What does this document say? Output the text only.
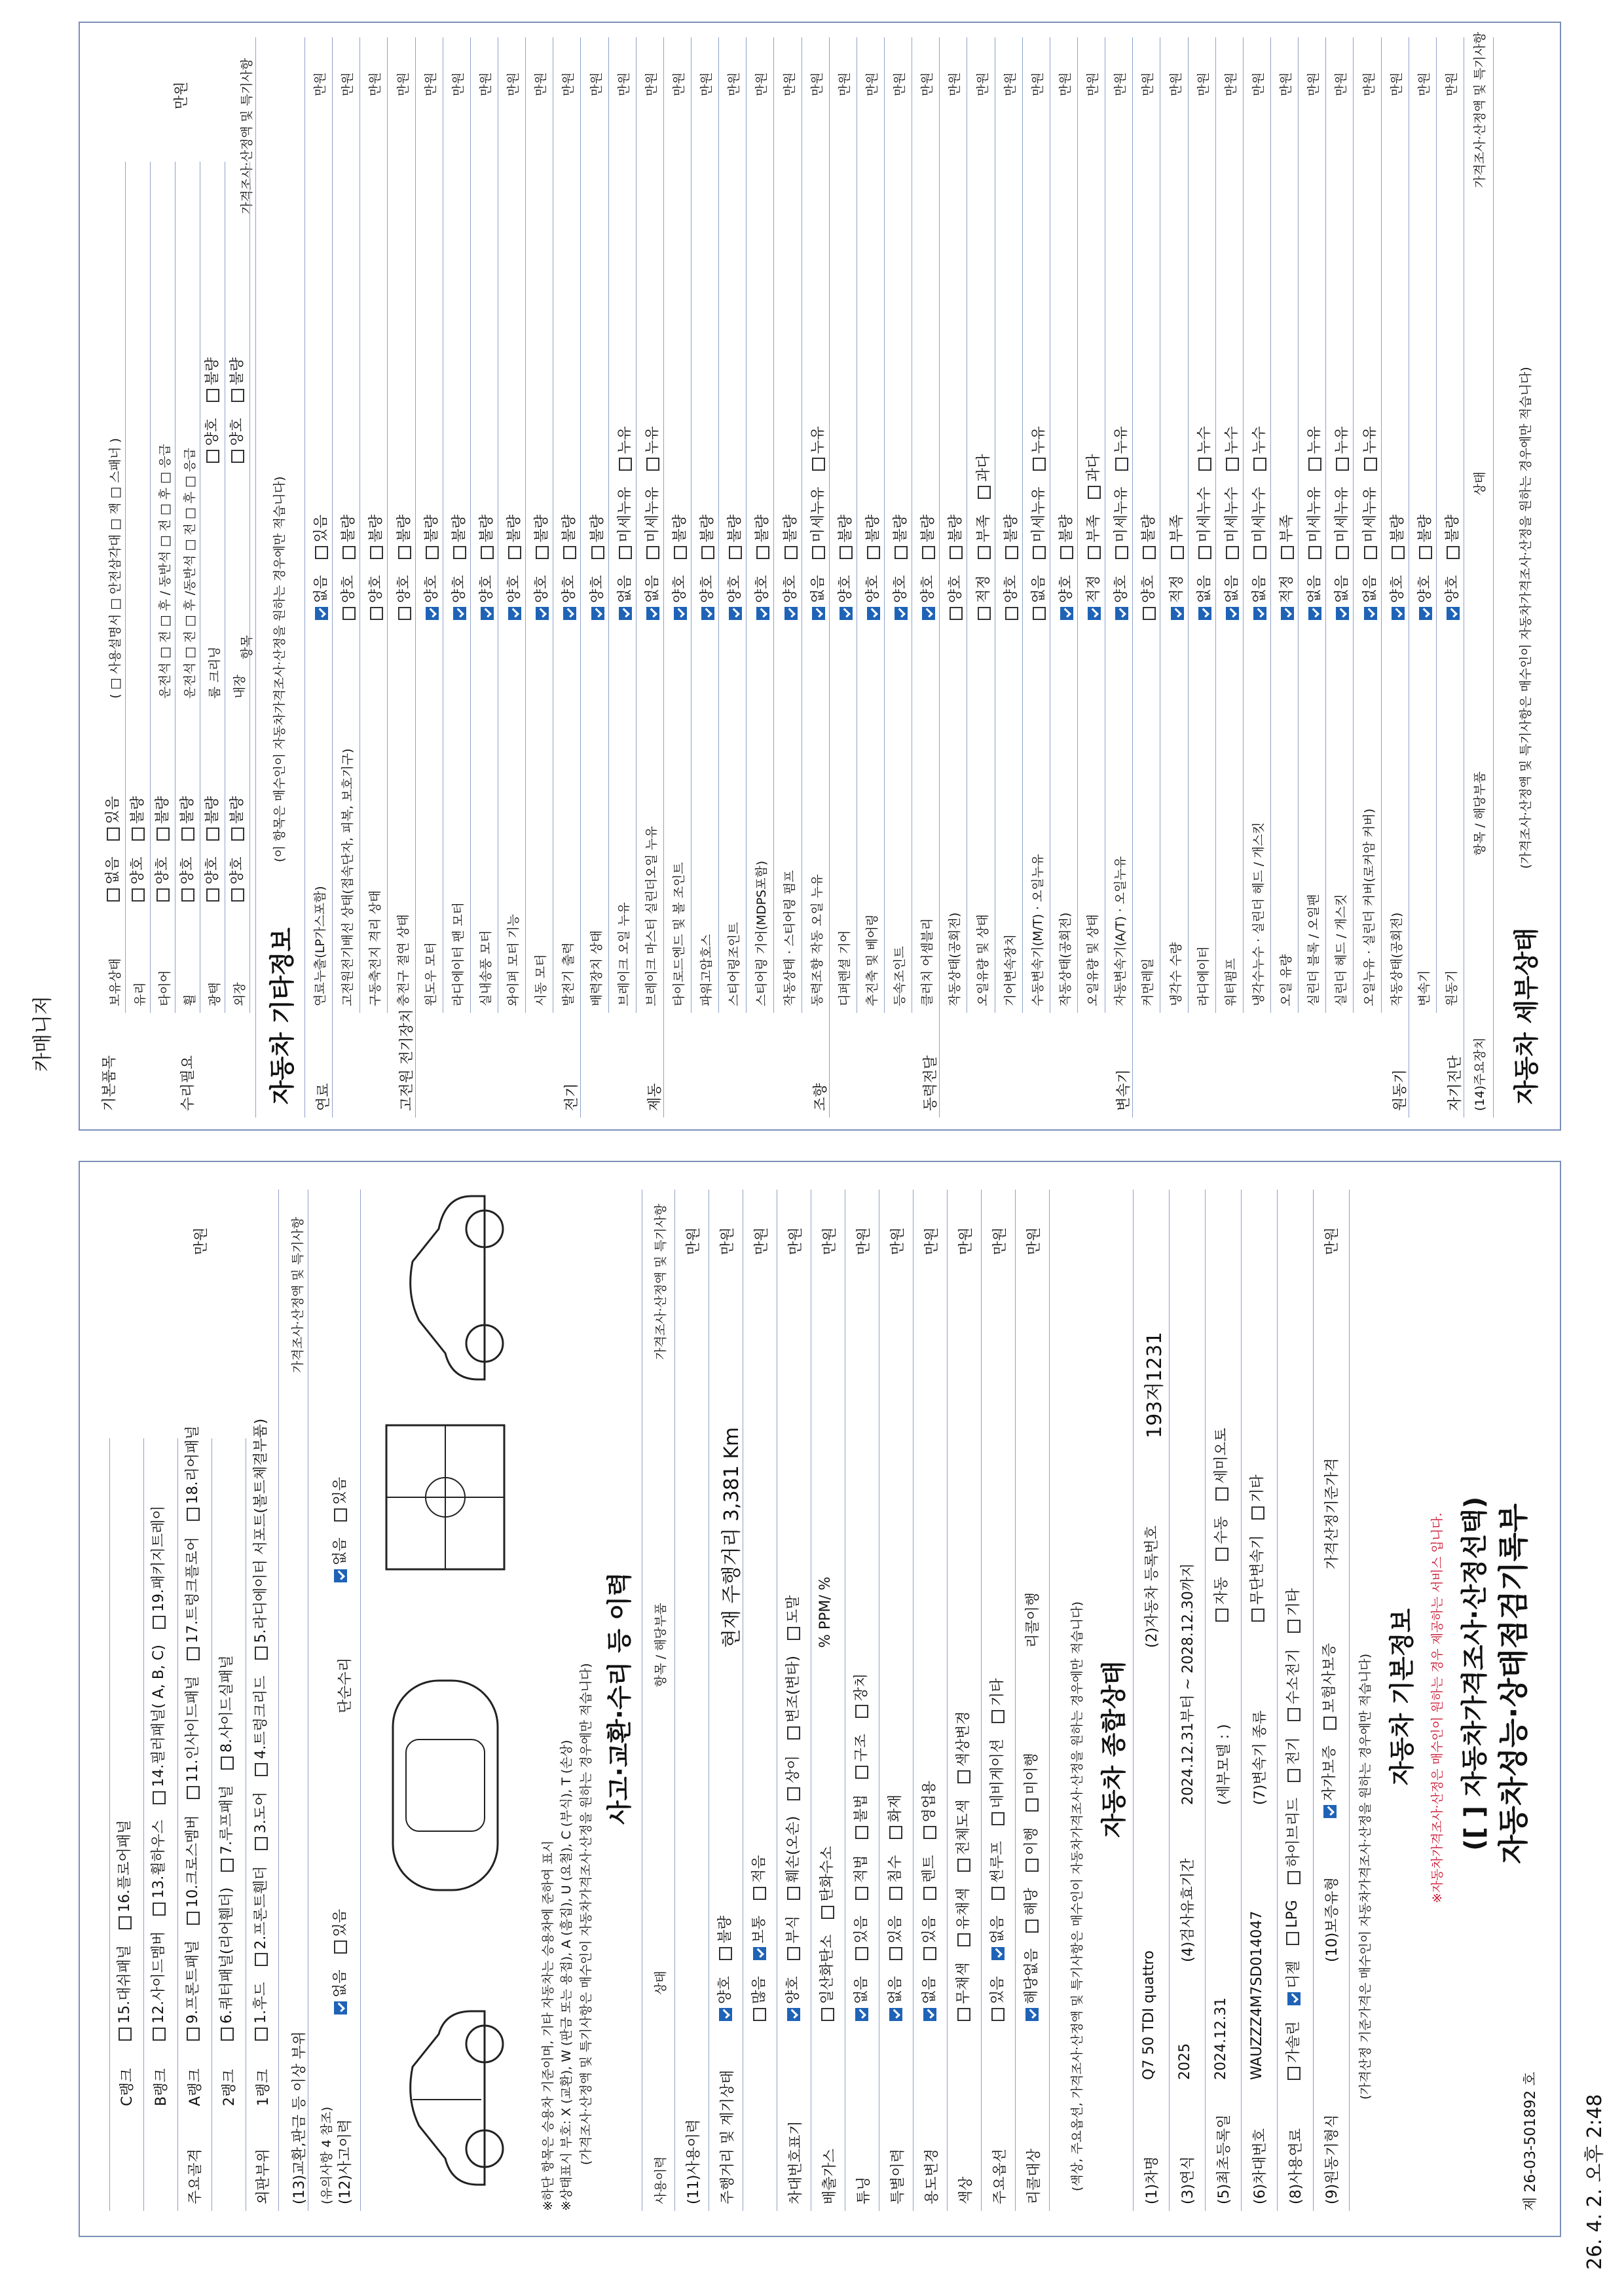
26. 4. 2. 오후 2:48
카매니저
제 26-03-501892 호
자동차성능·상태점검기록부
([ ] 자동차가격조사·산정선택)
※자동차가격조사·산정은 매수인이 원하는 경우 제공하는 서비스 입니다.
자동차 기본정보
(가격산정 기준가격은 매수인이 자동차가격조사·산정을 원하는 경우에만 적습니다)
(1)차명
Q7 50 TDI quattro
(2)자동차 등록번호
193저1231
(3)연식
2025
(4)검사유효기간
2024.12.31부터 ~ 2028.12.30까지
(5)최초등록일
2024.12.31
(세부모델 : )
자동
수동
세미오토
(6)차대번호
WAUZZZ4M7SD014047
(7)변속기 종류
무단변속기
기타
(8)사용연료
가솔린
디젤
LPG
하이브리드
전기
수소전기
기타
(9)원동기형식
(10)보증유형
자가보증
보험사보증
가격산정기준가격
만원
자동차 종합상태
(색상, 주요옵션, 가격조사·산정액 및 특기사항은 매수인이 자동차가격조사·산정을 원하는 경우에만 적습니다)
사용이력
상태
항목 / 해당부품
가격조사·산정액 및 특기사항
(11)사용이력
만원
주행거리 및 계기상태
양호
불량
현재 주행거리 3,381 Km
만원
많음
보통
적음
만원
차대번호표기
양호
부식
훼손(오손)
상이
변조(변타)
도말
만원
배출가스
일산화탄소
탄화수소
% PPM/ %
만원
튜닝
없음
있음
적법
불법
구조
장치
만원
특별이력
없음
있음
침수
화재
만원
용도변경
없음
있음
렌트
영업용
만원
색상
무채색
유채색
전체도색
색상변경
만원
주요옵션
있음
없음
썬루프
네비게이션
기타
만원
리콜대상
해당없음
해당
이행
미이행
리콜이행
만원
사고·교환·수리 등 이력
(가격조사·산정액 및 특기사항은 매수인이 자동차가격조사·산정을 원하는 경우에만 적습니다)
※상태표시 부호: X (교환), W (판금 또는 용접), A (흠집), U (요철), C (부식), T (손상)
※하단 항목은 승용차 기준이며, 기타 자동차는 승용차에 준하여 표시
(12)사고이력
(유의사항 4 참조)
없음
있음
단순수리
없음
있음
(13)교환,판금 등 이상 부위
가격조사·산정액 및 특기사항
외판부위
1랭크
1.후드
2.프론트휀더
3.도어
4.트렁크리드
5.라디에이터 서포트(볼트체결부품)
2랭크
6.쿼터패널(리어휀더)
7.루프패널
8.사이드실패널
주요골격
A랭크
9.프론트패널
10.크로스멤버
11.인사이드패널
17.트렁크플로어
18.리어패널
B랭크
12.사이드멤버
13.휠하우스
14.필러패널( A, B, C)
19.패키지트레이
C랭크
15.대쉬패널
16.플로어패널
만원
자동차 세부상태
(가격조사·산정액 및 특기사항은 매수인이 자동차가격조사·산정을 원하는 경우에만 적습니다)
(14)주요장치
항목 / 해당부품
상태
가격조사·산정액 및 특기사항
자기진단
원동기
양호
불량
만원
변속기
양호
불량
만원
원동기
작동상태(공회전)
양호
불량
만원
오일누유 · 실린더 커버(로커암 커버)
없음
미세누유
누유
만원
실린더 헤드 / 개스킷
없음
미세누유
누유
만원
실린더 블록 / 오일팬
없음
미세누유
누유
만원
오일 유량
적정
부족
만원
냉각수누수 · 실린더 헤드 / 개스킷
없음
미세누수
누수
만원
워터펌프
없음
미세누수
누수
만원
라디에이터
없음
미세누수
누수
만원
냉각수 수량
적정
부족
만원
커먼레일
양호
불량
만원
변속기
자동변속기(A/T) · 오일누유
양호
미세누유
누유
만원
오일유량 및 상태
적정
부족
과다
만원
작동상태(공회전)
양호
불량
만원
수동변속기(M/T) · 오일누유
없음
미세누유
누유
만원
기어변속장치
양호
불량
만원
오일유량 및 상태
적정
부족
과다
만원
작동상태(공회전)
양호
불량
만원
동력전달
클러치 어셈블리
양호
불량
만원
등속조인트
양호
불량
만원
추진축 및 베어링
양호
불량
만원
디퍼렌셜 기어
양호
불량
만원
조향
동력조향 작동 오일 누유
없음
미세누유
누유
만원
작동상태 · 스티어링 펌프
양호
불량
만원
스티어링 기어(MDPS포함)
양호
불량
만원
스티어링조인트
양호
불량
만원
파워고압호스
양호
불량
만원
타이로드엔드 및 볼 조인트
양호
불량
만원
제동
브레이크 마스터 실린더오일 누유
없음
미세누유
누유
만원
브레이크 오일 누유
없음
미세누유
누유
만원
배력장치 상태
양호
불량
만원
전기
발전기 출력
양호
불량
만원
시동 모터
양호
불량
만원
와이퍼 모터 기능
양호
불량
만원
실내송풍 모터
양호
불량
만원
라디에이터 팬 모터
양호
불량
만원
윈도우 모터
양호
불량
만원
고전원 전기장치
충전구 절연 상태
양호
불량
만원
구동축전지 격리 상태
양호
불량
만원
고전원전기배선 상태(접속단자, 피복, 보호기구)
양호
불량
만원
연료
연료누출(LP가스포함)
없음
있음
만원
자동차 기타정보
(이 항목은 매수인이 자동차가격조사·산정을 원하는 경우에만 적습니다)
항목
가격조사·산정액 및 특기사항
수리필요
기본품목
외장
양호
불량
내장
양호
불량
광택
양호
불량
룸 크리닝
양호
불량
휠
양호
불량
운전석 □ 전 □ 후 /동반석 □ 전 □ 후 □ 응급
타이어
양호
불량
운전석 □ 전 □ 후 / 동반석 □ 전 □ 후 □ 응급
유리
양호
불량
보유상태
없음
있음
( □ 사용설명서 □ 안전삼각대 □ 잭 □ 스패너 )
만원
